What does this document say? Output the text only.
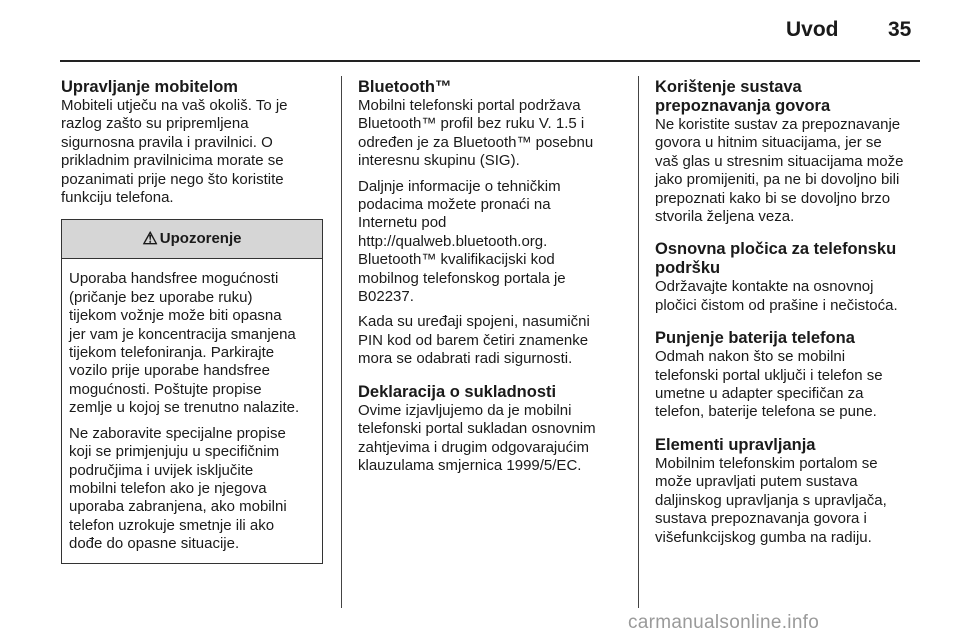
Uvod 35
Upravljanje mobitelom

Mobiteli utječu na vaš okoliš. To je
razlog zašto su pripremljena
sigurnosna pravila i pravilnici. O
prikladnim pravilnicima morate se
pozanimati prije nego što koristite
funkciju telefona.

⚠ Upozorenje

Uporaba handsfree mogućnosti
(pričanje bez uporabe ruku)
tijekom vožnje može biti opasna
jer vam je koncentracija smanjena
tijekom telefoniranja. Parkirajte
vozilo prije uporabe handsfree
mogućnosti. Poštujte propise
zemlje u kojoj se trenutno nalazite.

Ne zaboravite specijalne propise
koji se primjenjuju u specifičnim
područjima i uvijek isključite
mobilni telefon ako je njegova
uporaba zabranjena, ako mobilni
telefon uzrokuje smetnje ili ako
dođe do opasne situacije.

Bluetooth™

Mobilni telefonski portal podržava
Bluetooth™ profil bez ruku V. 1.5 i
određen je za Bluetooth™ posebnu
interesnu skupinu (SIG).

Daljnje informacije o tehničkim
podacima možete pronaći na
Internetu pod
http://qualweb.bluetooth.org.
Bluetooth™ kvalifikacijski kod
mobilnog telefonskog portala je
B02237.

Kada su uređaji spojeni, nasumični
PIN kod od barem četiri znamenke
mora se odabrati radi sigurnosti.

Deklaracija o sukladnosti

Ovime izjavljujemo da je mobilni
telefonski portal sukladan osnovnim
zahtjevima i drugim odgovarajućim
klauzulama smjernica 1999/5/EC.

Korištenje sustava
prepoznavanja govora

Ne koristite sustav za prepoznavanje
govora u hitnim situacijama, jer se
vaš glas u stresnim situacijama može
jako promijeniti, pa ne bi dovoljno bili
prepoznati kako bi se dovoljno brzo
stvorila željena veza.

Osnovna pločica za telefonsku
podršku

Održavajte kontakte na osnovnoj
pločici čistom od prašine i nečistoća.

Punjenje baterija telefona

Odmah nakon što se mobilni
telefonski portal uključi i telefon se
umetne u adapter specifičan za
telefon, baterije telefona se pune.

Elementi upravljanja

Mobilnim telefonskim portalom se
može upravljati putem sustava
daljinskog upravljanja s upravljača,
sustava prepoznavanja govora i
višefunkcijskog gumba na radiju.

carmanualsonline.info
